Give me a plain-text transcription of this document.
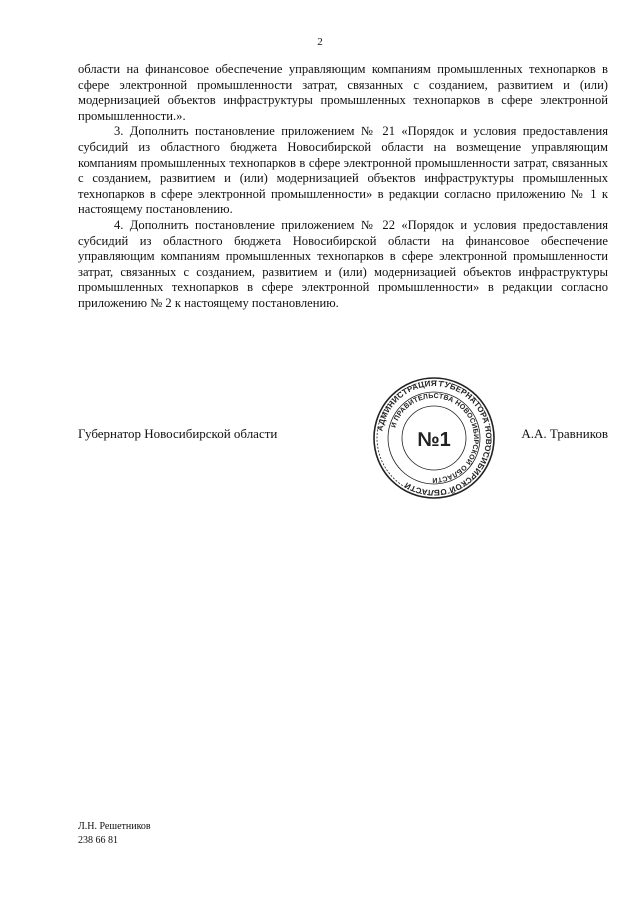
2

области на финансовое обеспечение управляющим компаниям промышленных технопарков в сфере электронной промышленности затрат, связанных с созданием, развитием и (или) модернизацией объектов инфраструктуры промышленных технопарков в сфере электронной промышленности.».

3. Дополнить постановление приложением № 21 «Порядок и условия предоставления субсидий из областного бюджета Новосибирской области на возмещение управляющим компаниям промышленных технопарков в сфере электронной промышленности затрат, связанных с созданием, развитием и (или) модернизацией объектов инфраструктуры промышленных технопарков в сфере электронной промышленности» в редакции согласно приложению № 1 к настоящему постановлению.

4. Дополнить постановление приложением № 22 «Порядок и условия предоставления субсидий из областного бюджета Новосибирской области на финансовое обеспечение управляющим компаниям промышленных технопарков в сфере электронной промышленности затрат, связанных с созданием, развитием и (или) модернизацией объектов инфраструктуры промышленных технопарков в сфере электронной промышленности» в редакции согласно приложению № 2 к настоящему постановлению.

АДМИНИСТРАЦИЯ ГУБЕРНАТОРА НОВОСИБИРСКОЙ ОБЛАСТИ
И ПРАВИТЕЛЬСТВА НОВОСИБИРСКОЙ ОБЛАСТИ
№1
Губернатор Новосибирской области	А.А. Травников
Л.Н. Решетников
238 66 81
